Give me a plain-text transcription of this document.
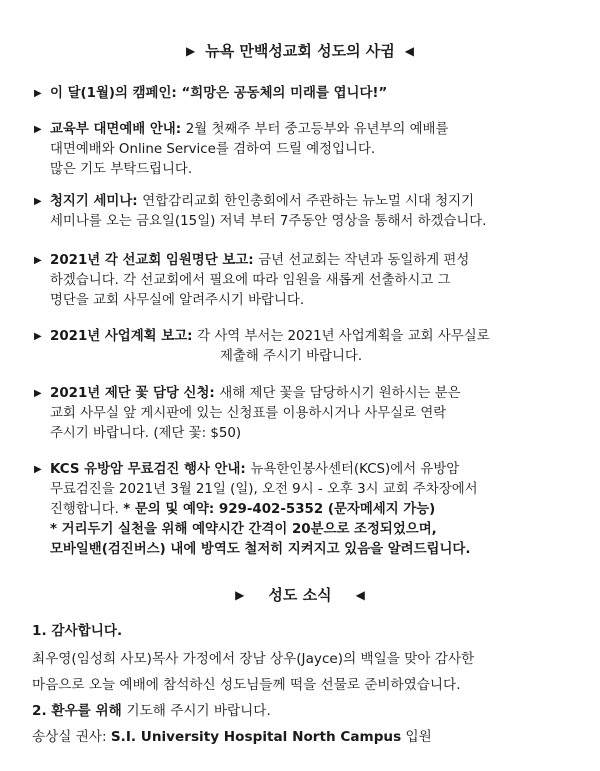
▶ 뉴욕 만백성교회 성도의 사귐 ◀
▶ 이 달(1월)의 캠페인: “희망은 공동체의 미래를 엽니다!”
▶ 교육부 대면예배 안내: 2월 첫째주 부터 중고등부와 유년부의 예배를
대면예배와 Online Service를 겸하여 드릴 예정입니다.
많은 기도 부탁드립니다.
▶ 청지기 세미나: 연합감리교회 한인총회에서 주관하는 뉴노멀 시대 청지기
세미나를 오는 금요일(15일) 저녁 부터 7주동안 영상을 통해서 하겠습니다.
▶ 2021년 각 선교회 임원명단 보고: 금년 선교회는 작년과 동일하게 편성
하겠습니다. 각 선교회에서 필요에 따라 임원을 새롭게 선출하시고 그
명단을 교회 사무실에 알려주시기 바랍니다.
▶ 2021년 사업계획 보고: 각 사역 부서는 2021년 사업계획을 교회 사무실로

제출해 주시기 바랍니다.
▶ 2021년 제단 꽃 담당 신청: 새해 제단 꽃을 담당하시기 원하시는 분은
교회 사무실 앞 게시판에 있는 신청표를 이용하시거나 사무실로 연락
주시기 바랍니다. (제단 꽃: $50)
▶ KCS 유방암 무료검진 행사 안내: 뉴욕한인봉사센터(KCS)에서 유방암
무료검진을 2021년 3월 21일 (일), 오전 9시 - 오후 3시 교회 주차장에서
진행합니다. * 문의 및 예약: 929-402-5352 (문자메세지 가능)
* 거리두기 실천을 위해 예약시간 간격이 20분으로 조정되었으며,
모바일밴(검진버스) 내에 방역도 철저히 지켜지고 있음을 알려드립니다.
▶	성도 소식	◀
1. 감사합니다.
최우영(임성희 사모)목사 가정에서 장남 상우(Jayce)의 백일을 맞아 감사한
마음으로 오늘 예배에 참석하신 성도님들께 떡을 선물로 준비하였습니다.
2. 환우를 위해 기도해 주시기 바랍니다.
송상실 권사: S.I. University Hospital North Campus 입원
